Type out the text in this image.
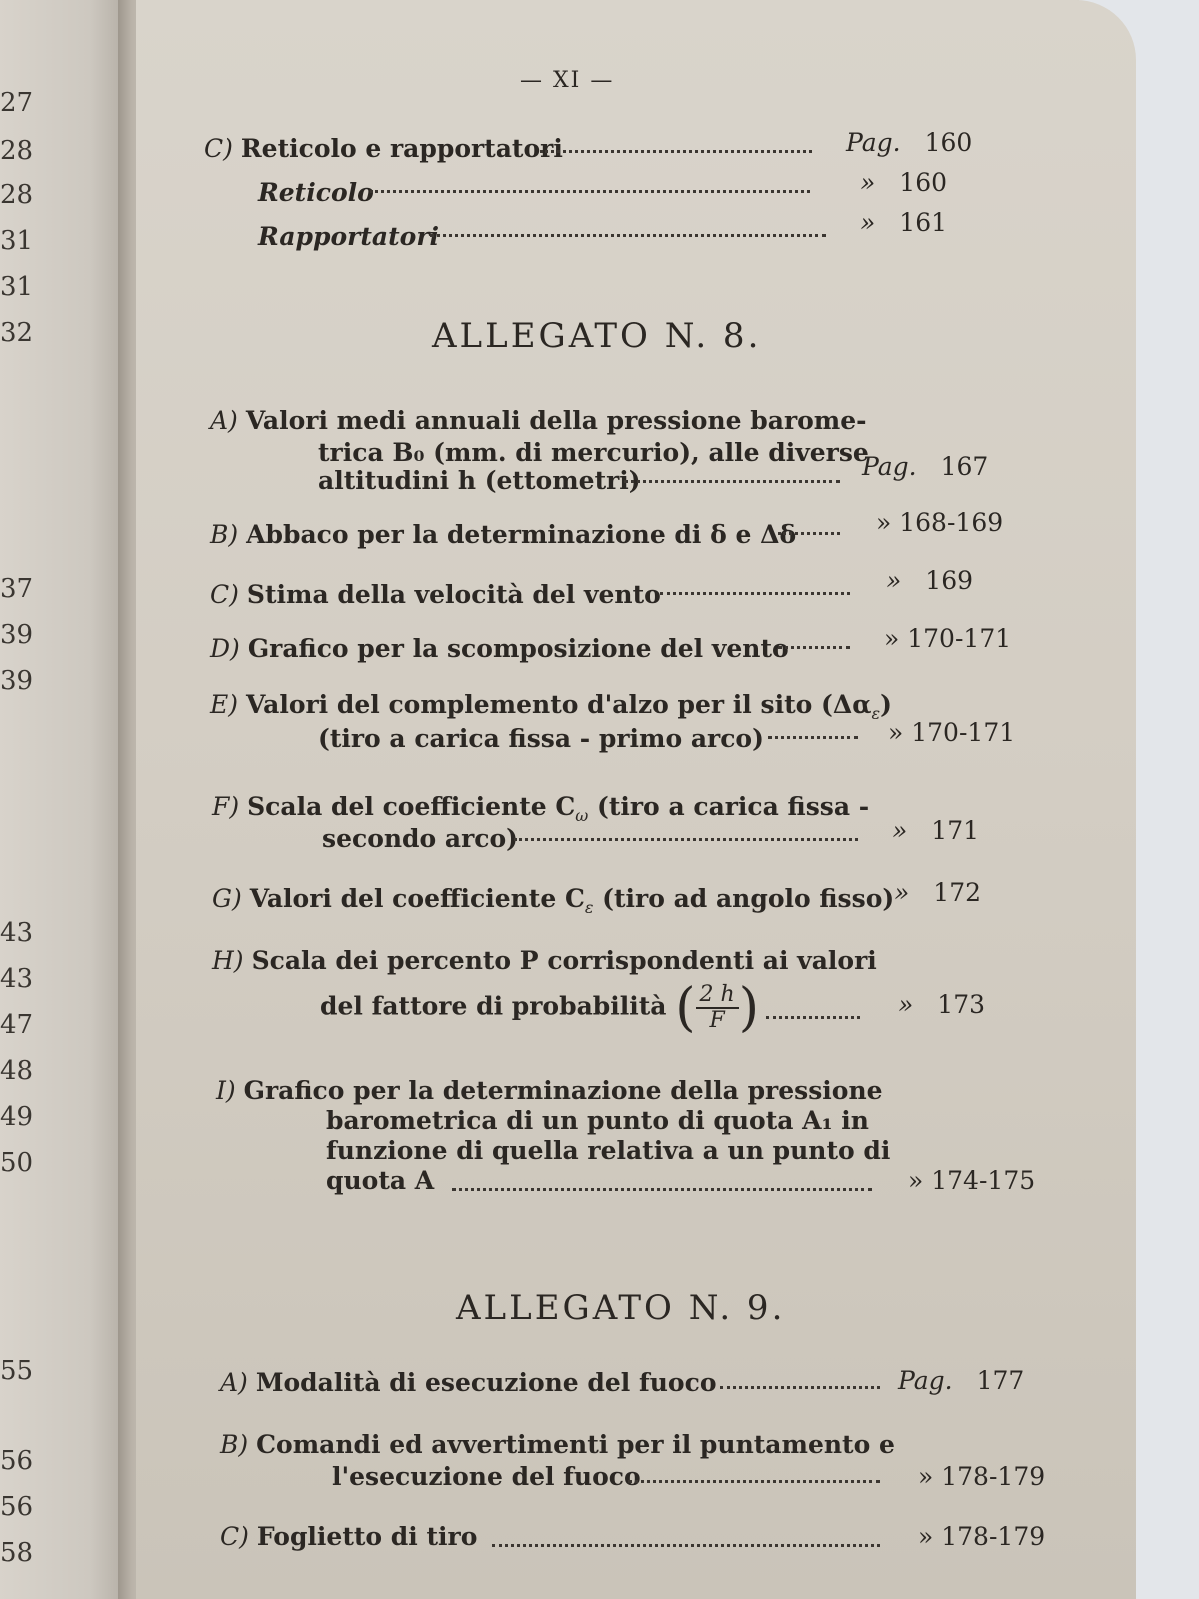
27
28
28
31
31
32
37
39
39
43
43
47
48
49
50
55
56
56
58
— XI —
C) Reticolo e rapportatori	Pag. 160
Reticolo	» 160
Rapportatori	» 161
ALLEGATO N. 8.
A) Valori medi annuali della pressione barome-
trica B₀ (mm. di mercurio), alle diverse
altitudini h (ettometri)	Pag. 167
B) Abbaco per la determinazione di δ e Δδ	» 168-169
C) Stima della velocità del vento	» 169
D) Grafico per la scomposizione del vento	» 170-171
E) Valori del complemento d'alzo per il sito $(\Delta\alpha_\varepsilon)$
(tiro a carica fissa - primo arco)	» 170-171
F) Scala del coefficiente $C_\omega$ (tiro a carica fissa -
secondo arco)	» 171
G) Valori del coefficiente $C_\varepsilon$ (tiro ad angolo fisso) » 172
H) Scala dei percento P corrispondenti ai valori
del fattore di probabilità ( $\frac{2 h}{F}$ )	» 173
I) Grafico per la determinazione della pressione
barometrica di un punto di quota A₁ in
funzione di quella relativa a un punto di
quota A	» 174-175
ALLEGATO N. 9.
A) Modalità di esecuzione del fuoco	Pag. 177
B) Comandi ed avvertimenti per il puntamento e
l'esecuzione del fuoco	» 178-179
C) Foglietto di tiro	» 178-179
